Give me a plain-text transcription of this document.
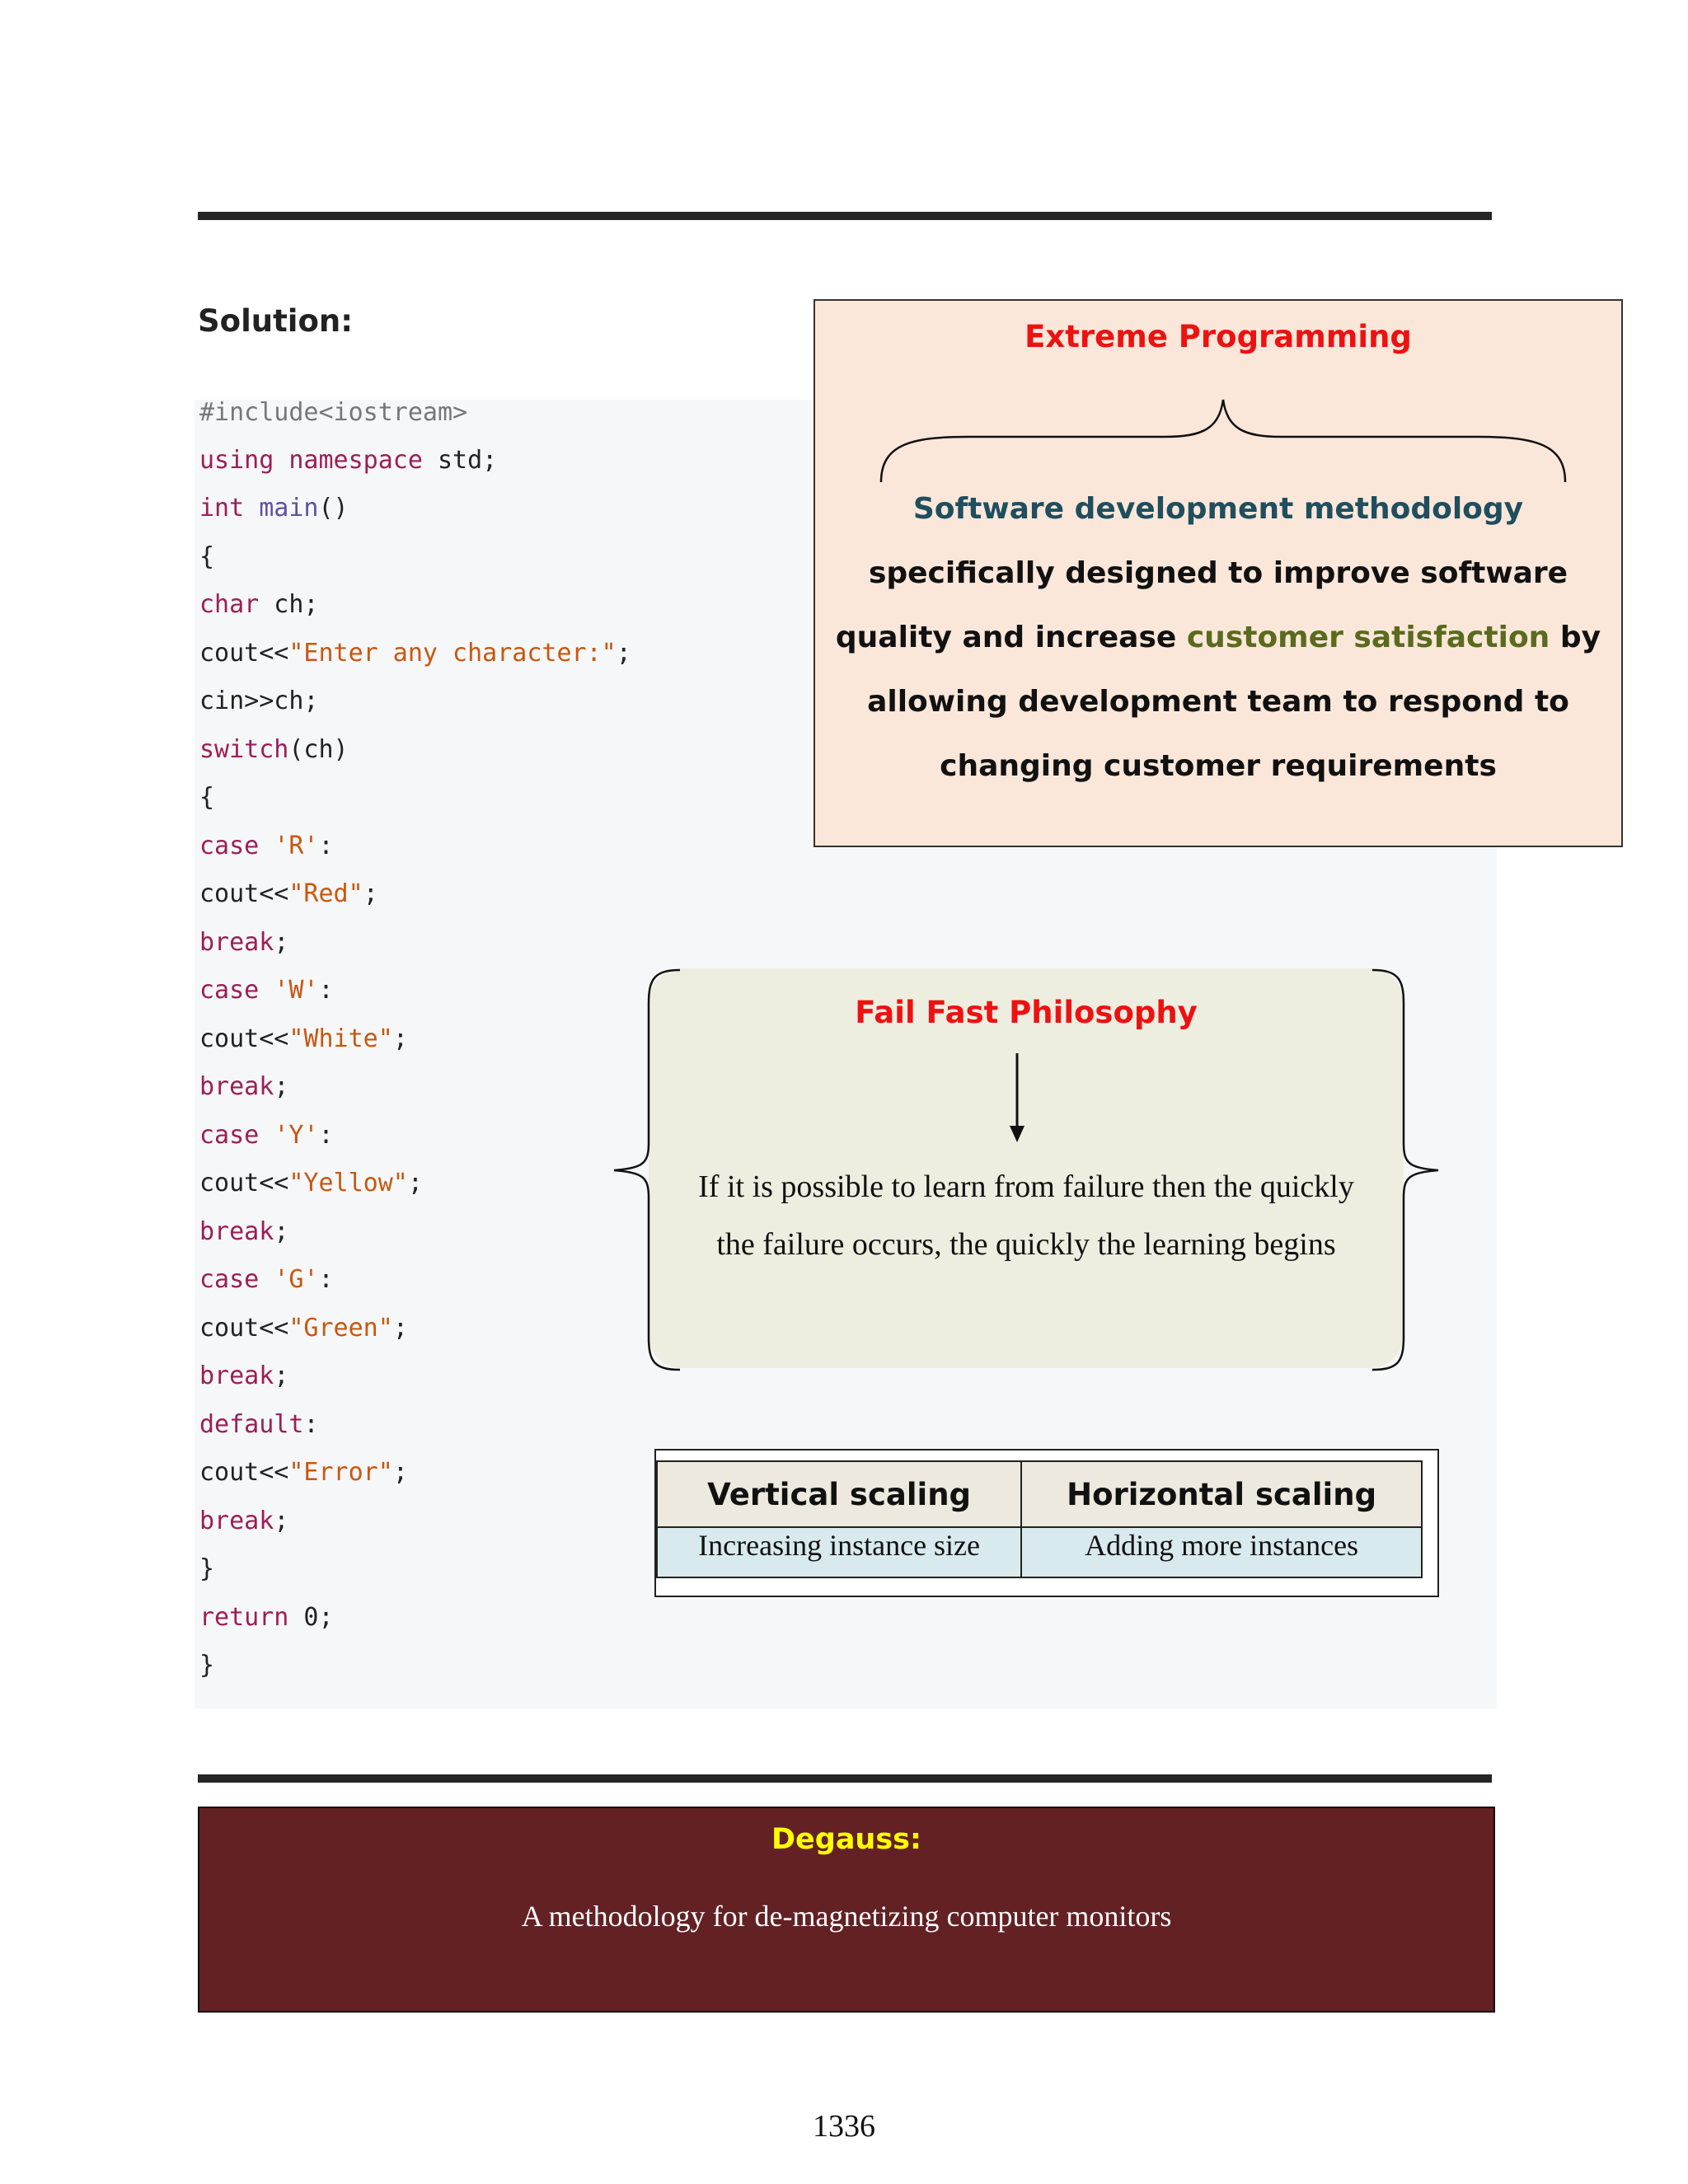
Solution:
#include<iostream>
using namespace std;
int main()
{
char ch;
cout<<"Enter any character:";
cin>>ch;
switch(ch)
{
case 'R':
cout<<"Red";
break;
case 'W':
cout<<"White";
break;
case 'Y':
cout<<"Yellow";
break;
case 'G':
cout<<"Green";
break;
default:
cout<<"Error";
break;
}
return 0;
}
Extreme Programming
Software development methodology
specifically designed to improve software
quality and increase customer satisfaction by
allowing development team to respond to
changing customer requirements
Fail Fast Philosophy
If it is possible to learn from failure then the quickly
the failure occurs, the quickly the learning begins
Vertical scaling	Horizontal scaling
Increasing instance size	Adding more instances
Degauss:
A methodology for de-magnetizing computer monitors
1336
